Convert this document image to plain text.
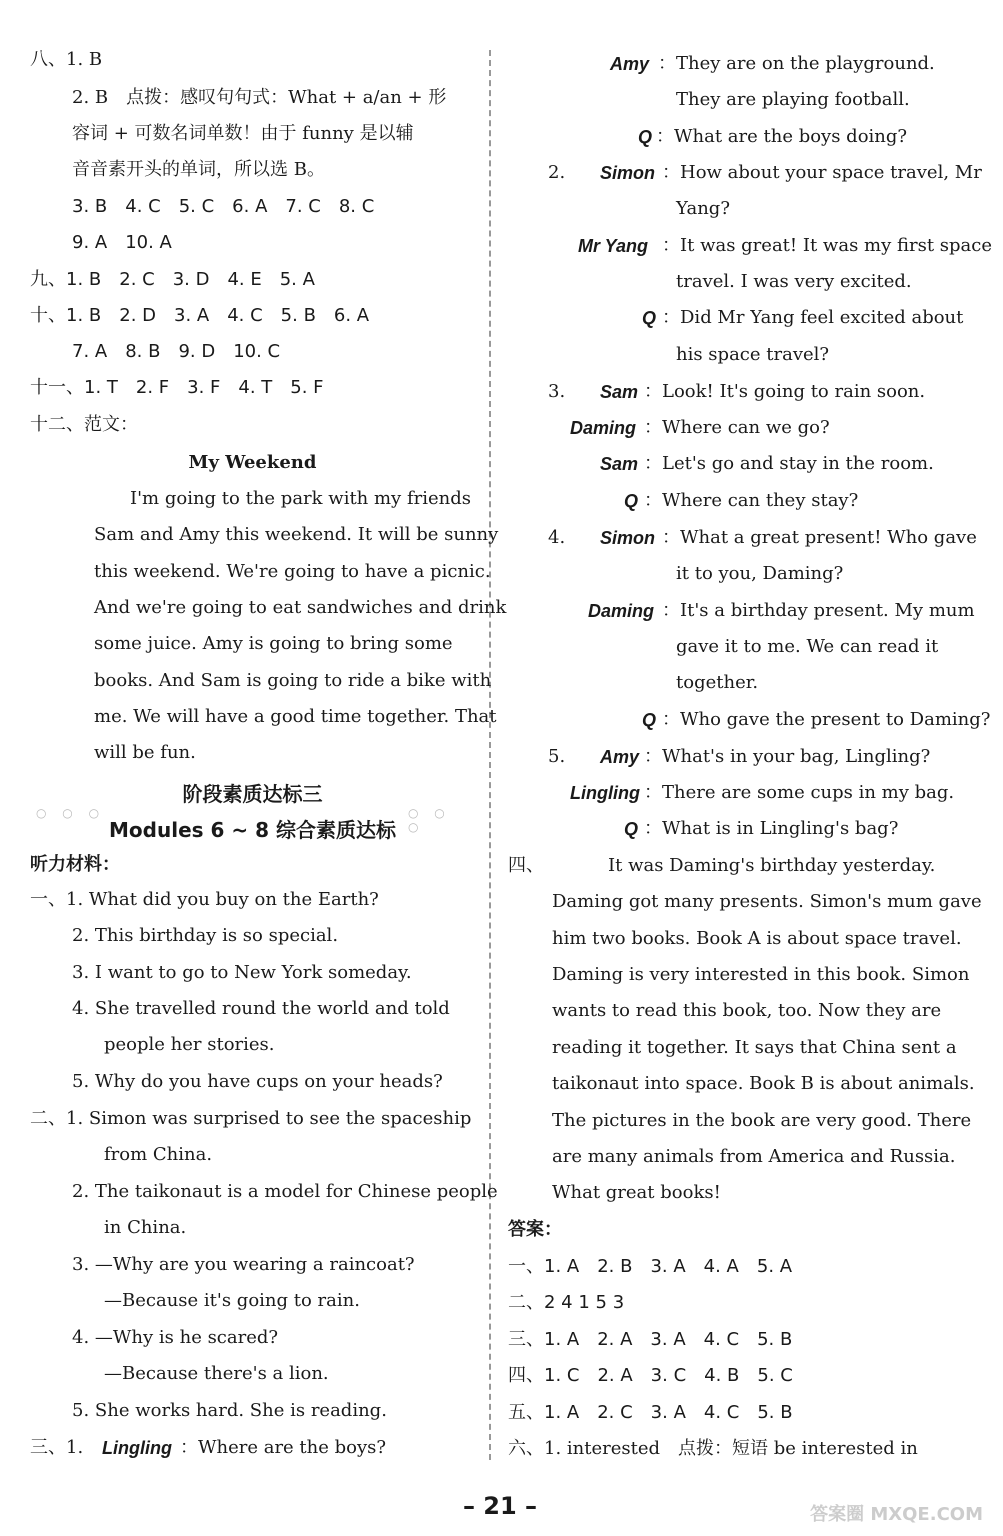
八、1. B
2. B　点拨：感叹句句式：What + a/an + 形
容词 + 可数名词单数！由于 funny 是以辅
音音素开头的单词，所以选 B。
3. B　4. C　5. C　6. A　7. C　8. C
9. A　10. A
九、1. B　2. C　3. D　4. E　5. A
十、1. B　2. D　3. A　4. C　5. B　6. A
7. A　8. B　9. D　10. C
十一、1. T　2. F　3. F　4. T　5. F
十二、范文：
My Weekend
I'm going to the park with my friends
Sam and Amy this weekend. It will be sunny
this weekend. We're going to have a picnic.
And we're going to eat sandwiches and drink
some juice. Amy is going to bring some
books. And Sam is going to ride a bike with
me. We will have a good time together. That
will be fun.
○ ○ ○
阶段素质达标三
○ ○ ○
Modules 6 ~ 8 综合素质达标
听力材料：
一、1. What did you buy on the Earth?
2. This birthday is so special.
3. I want to go to New York someday.
4. She travelled round the world and told
people her stories.
5. Why do you have cups on your heads?
二、1. Simon was surprised to see the spaceship
from China.
2. The taikonaut is a model for Chinese people
in China.
3. —Why are you wearing a raincoat?
—Because it's going to rain.
4. —Why is he scared?
—Because there's a lion.
5. She works hard. She is reading.
三、1. Lingling ：Where are the boys?
Amy ：They are on the playground.
They are playing football.
Q ：What are the boys doing?
2. Simon ：How about your space travel, Mr
Yang?
Mr Yang ：It was great! It was my first space
travel. I was very excited.
Q ：Did Mr Yang feel excited about
his space travel?
3. Sam ：Look! It's going to rain soon.
Daming ：Where can we go?
Sam ：Let's go and stay in the room.
Q ：Where can they stay?
4. Simon ：What a great present! Who gave
it to you, Daming?
Daming ：It's a birthday present. My mum
gave it to me. We can read it
together.
Q ：Who gave the present to Daming?
5. Amy ：What's in your bag, Lingling?
Lingling ：There are some cups in my bag.
Q ：What is in Lingling's bag?
四、	It was Daming's birthday yesterday.
Daming got many presents. Simon's mum gave
him two books. Book A is about space travel.
Daming is very interested in this book. Simon
wants to read this book, too. Now they are
reading it together. It says that China sent a
taikonaut into space. Book B is about animals.
The pictures in the book are very good. There
are many animals from America and Russia.
What great books!
答案：
一、1. A　2. B　3. A　4. A　5. A
二、2 4 1 5 3
三、1. A　2. A　3. A　4. C　5. B
四、1. C　2. A　3. C　4. B　5. C
五、1. A　2. C　3. A　4. C　5. B
六、1. interested　点拨：短语 be interested in
– 21 –	答案圈 MXQE.COM
